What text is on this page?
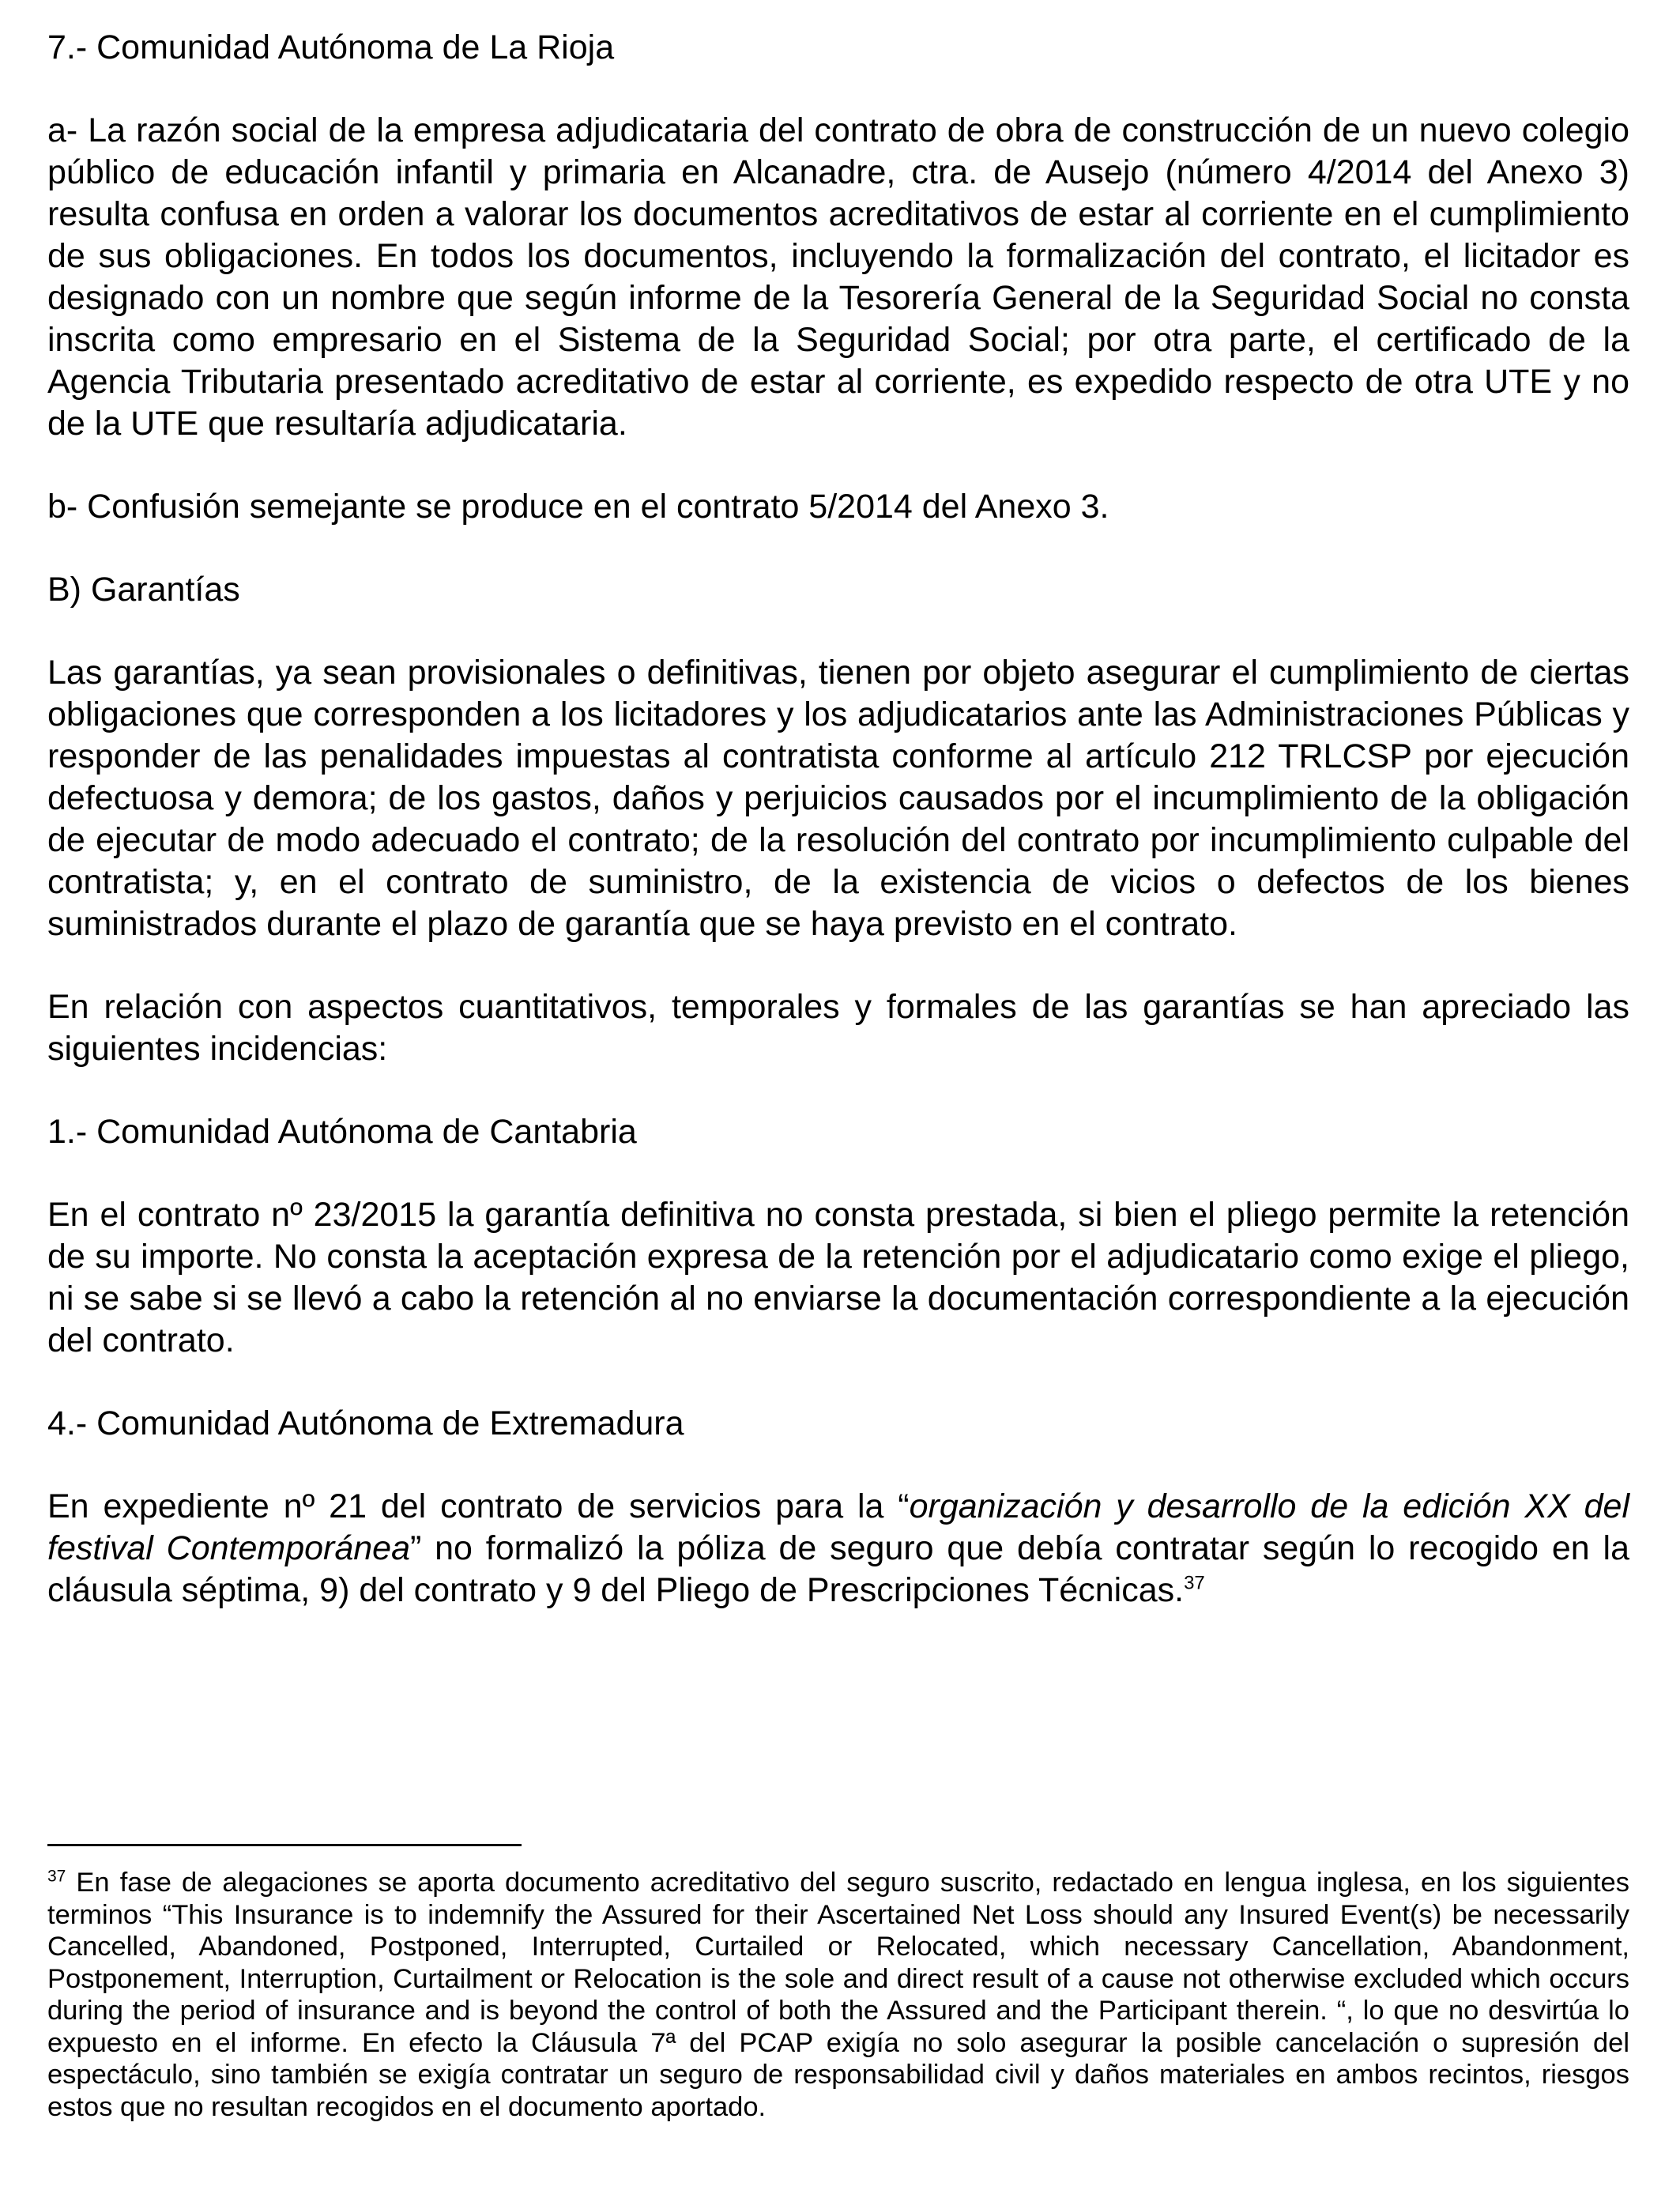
7.- Comunidad Autónoma de La Rioja

a- La razón social de la empresa adjudicataria del contrato de obra de construcción de un nuevo colegio público de educación infantil y primaria en Alcanadre, ctra. de Ausejo (número 4/2014 del Anexo 3) resulta confusa en orden a valorar los documentos acreditativos de estar al corriente en el cumplimiento de sus obligaciones. En todos los documentos, incluyendo la formalización del contrato, el licitador es designado con un nombre que según informe de la Tesorería General de la Seguridad Social no consta inscrita como empresario en el Sistema de la Seguridad Social; por otra parte, el certificado de la Agencia Tributaria presentado acreditativo de estar al corriente, es expedido respecto de otra UTE y no de la UTE que resultaría adjudicataria.

b- Confusión semejante se produce en el contrato 5/2014 del Anexo 3.

B) Garantías

Las garantías, ya sean provisionales o definitivas, tienen por objeto asegurar el cumplimiento de ciertas obligaciones que corresponden a los licitadores y los adjudicatarios ante las Administraciones Públicas y responder de las penalidades impuestas al contratista conforme al artículo 212 TRLCSP por ejecución defectuosa y demora; de los gastos, daños y perjuicios causados por el incumplimiento de la obligación de ejecutar de modo adecuado el contrato; de la resolución del contrato por incumplimiento culpable del contratista; y, en el contrato de suministro, de la existencia de vicios o defectos de los bienes suministrados durante el plazo de garantía que se haya previsto en el contrato.

En relación con aspectos cuantitativos, temporales y formales de las garantías se han apreciado las siguientes incidencias:

1.- Comunidad Autónoma de Cantabria

En el contrato nº 23/2015 la garantía definitiva no consta prestada, si bien el pliego permite la retención de su importe. No consta la aceptación expresa de la retención por el adjudicatario como exige el pliego, ni se sabe si se llevó a cabo la retención al no enviarse la documentación correspondiente a la ejecución del contrato.

4.- Comunidad Autónoma de Extremadura

En expediente nº 21 del contrato de servicios para la “organización y desarrollo de la edición XX del festival Contemporánea” no formalizó la póliza de seguro que debía contratar según lo recogido en la cláusula séptima, 9) del contrato y 9 del Pliego de Prescripciones Técnicas.$^{37}$

$^{37}$ En fase de alegaciones se aporta documento acreditativo del seguro suscrito, redactado en lengua inglesa, en los siguientes terminos “This Insurance is to indemnify the Assured for their Ascertained Net Loss should any Insured Event(s) be necessarily Cancelled, Abandoned, Postponed, Interrupted, Curtailed or Relocated, which necessary Cancellation, Abandonment, Postponement, Interruption, Curtailment or Relocation is the sole and direct result of a cause not otherwise excluded which occurs during the period of insurance and is beyond the control of both the Assured and the Participant therein. “, lo que no desvirtúa lo expuesto en el informe. En efecto la Cláusula 7ª del PCAP exigía no solo asegurar la posible cancelación o supresión del espectáculo, sino también se exigía contratar un seguro de responsabilidad civil y daños materiales en ambos recintos, riesgos estos que no resultan recogidos en el documento aportado.
